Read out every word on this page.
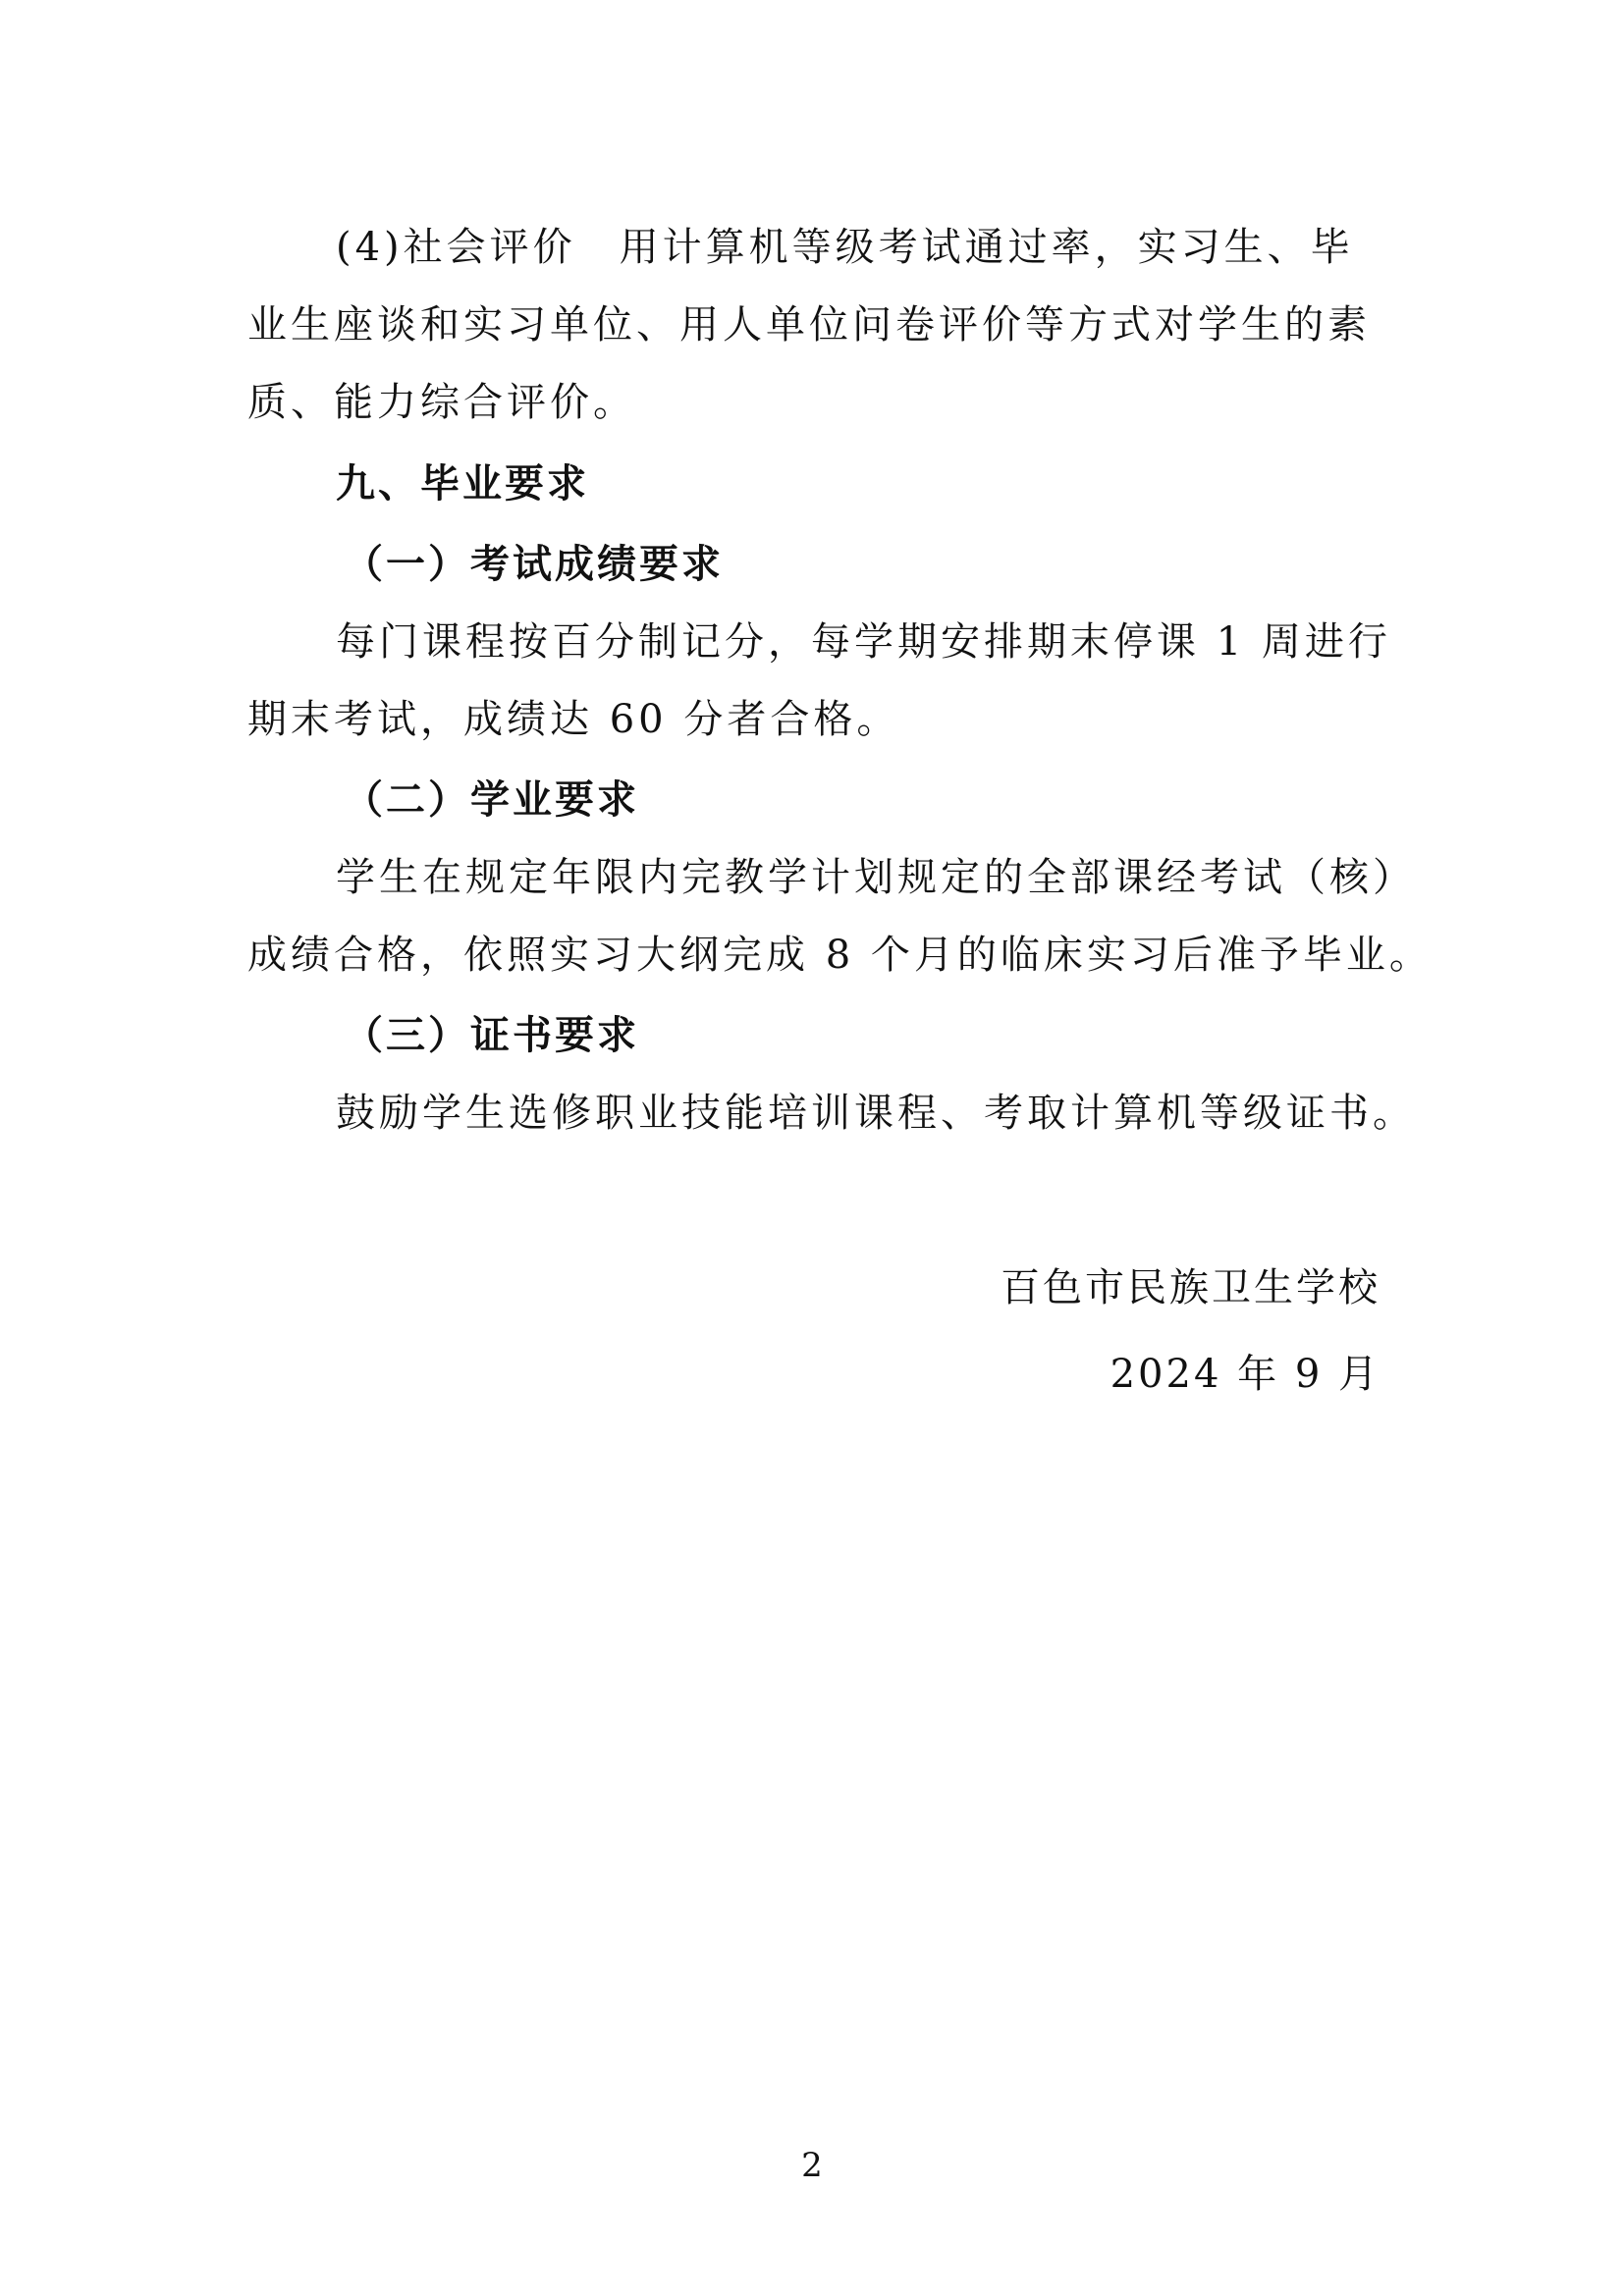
(4)社会评价　用计算机等级考试通过率，实习生、毕
业生座谈和实习单位、用人单位问卷评价等方式对学生的素
质、能力综合评价。
九、毕业要求
（一）考试成绩要求
每门课程按百分制记分，每学期安排期末停课 1 周进行
期末考试，成绩达 60 分者合格。
（二）学业要求
学生在规定年限内完教学计划规定的全部课经考试（核）
成绩合格，依照实习大纲完成 8 个月的临床实习后准予毕业。
（三）证书要求
鼓励学生选修职业技能培训课程、考取计算机等级证书。
百色市民族卫生学校
2024 年 9 月
2
